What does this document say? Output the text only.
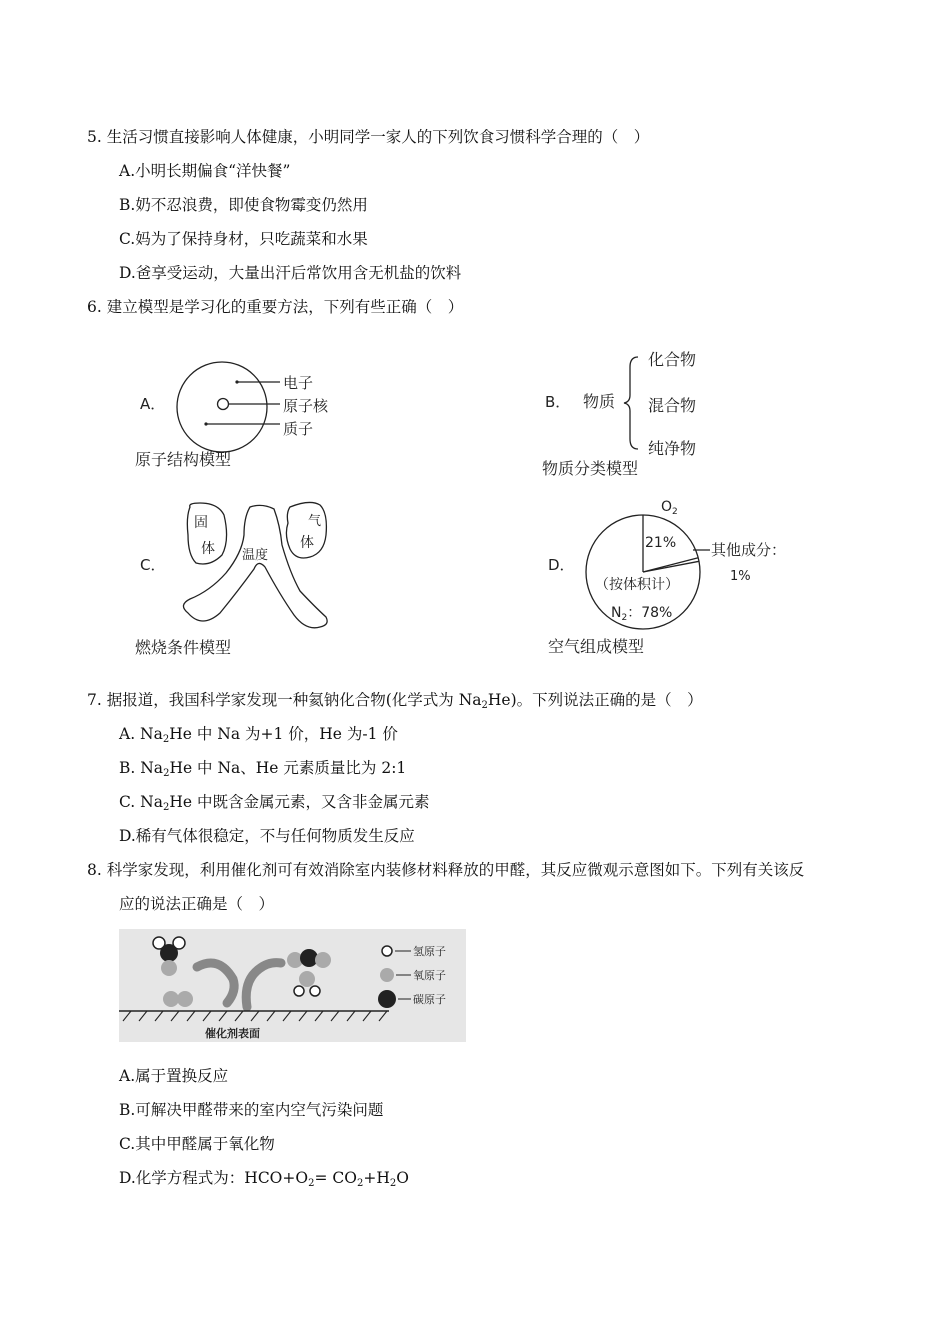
5. 生活习惯直接影响人体健康，小明同学一家人的下列饮食习惯科学合理的（　）
A.小明长期偏食“洋快餐”
B.奶不忍浪费，即使食物霉变仍然用
C.妈为了保持身材，只吃蔬菜和水果
D.爸享受运动，大量出汗后常饮用含无机盐的饮料
6. 建立模型是学习化的重要方法，下列有些正确（　）
A．
电子
原子核
质子
原子结构模型
B． 物质
化合物
混合物
纯净物
物质分类模型
C．
固
体
气
体
温度
燃烧条件模型
D．
$O_2$
21% 其他成分：
1%
（按体积计）
$N_2$：78%
空气组成模型
7. 据报道，我国科学家发现一种氦钠化合物(化学式为 $Na_2He$)。下列说法正确的是（　）
A. $Na_2He$ 中 Na 为+1 价，He 为-1 价
B. $Na_2He$ 中 Na、He 元素质量比为 2:1
C. $Na_2He$ 中既含金属元素，又含非金属元素
D.稀有气体很稳定，不与任何物质发生反应
8. 科学家发现，利用催化剂可有效消除室内装修材料释放的甲醛，其反应微观示意图如下。下列有关该反
应的说法正确是（　）
氢原子
氧原子
碳原子
催化剂表面
A.属于置换反应
B.可解决甲醛带来的室内空气污染问题
C.其中甲醛属于氧化物
D.化学方程式为：$HCO+O_2= CO_2+H_2O$
